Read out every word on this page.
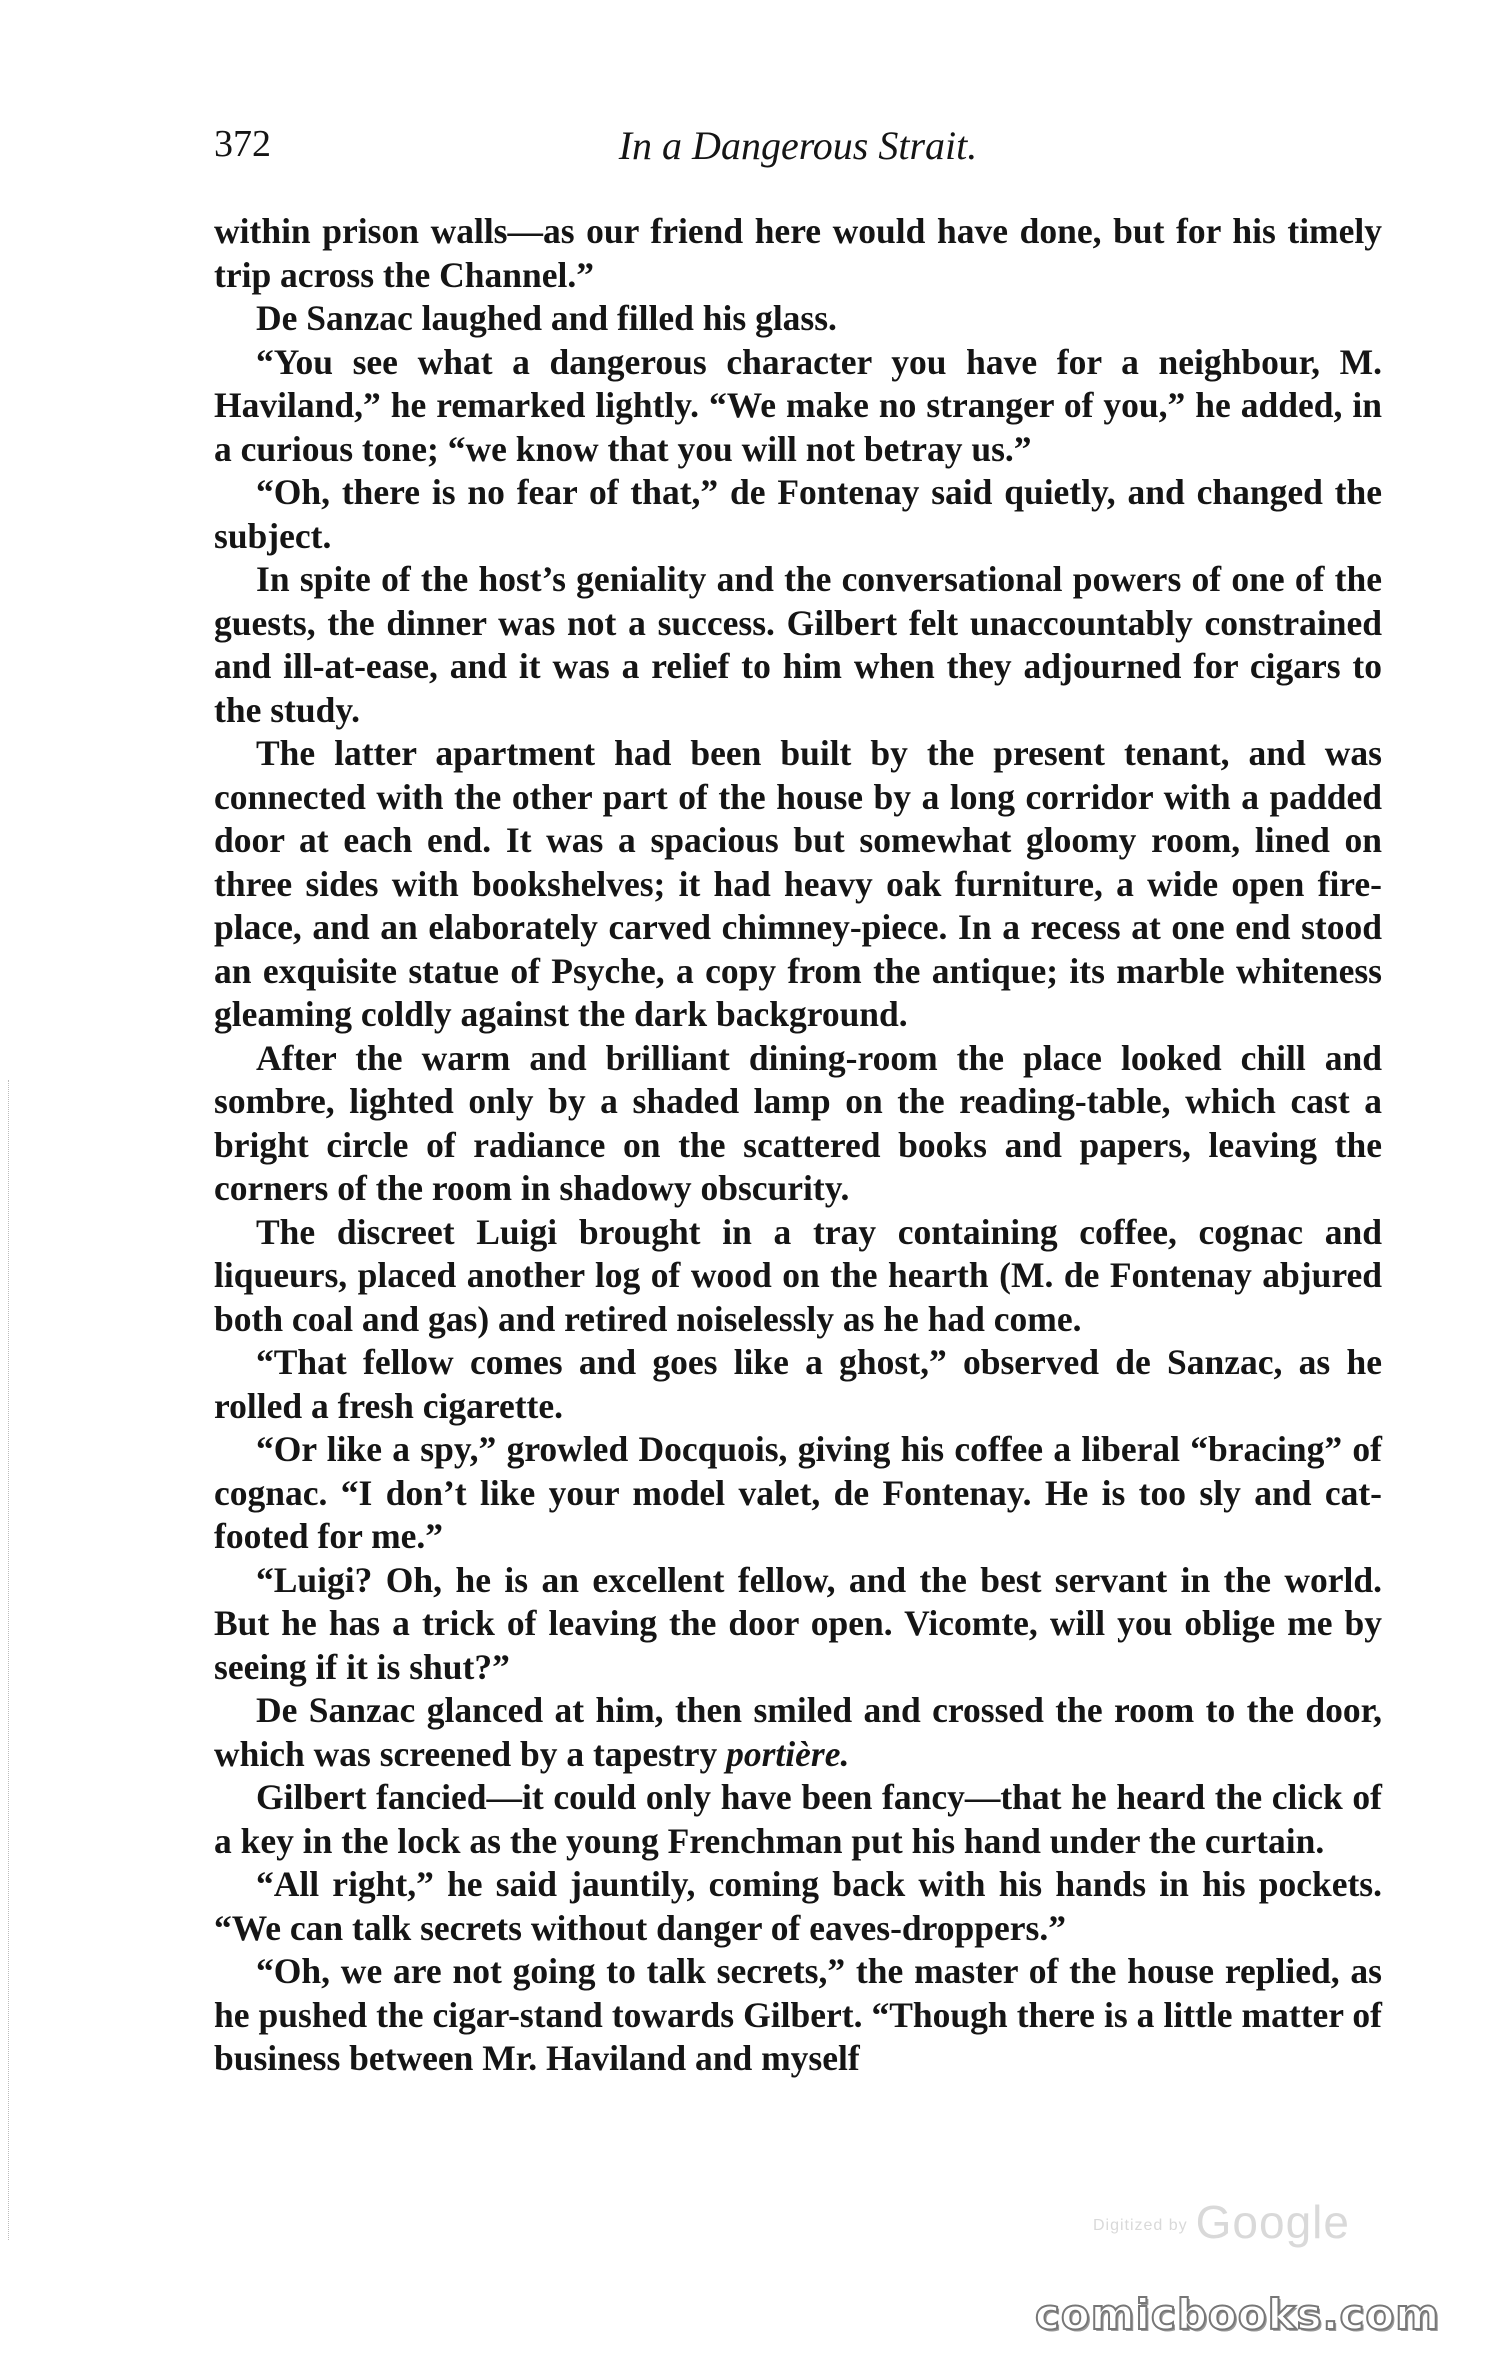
372	In a Dangerous Strait.

within prison walls—as our friend here would have done, but for his timely trip across the Channel.”

De Sanzac laughed and filled his glass.

“You see what a dangerous character you have for a neighbour, M. Haviland,” he remarked lightly. “We make no stranger of you,” he added, in a curious tone; “we know that you will not betray us.”

“Oh, there is no fear of that,” de Fontenay said quietly, and changed the subject.

In spite of the host’s geniality and the conversational powers of one of the guests, the dinner was not a success. Gilbert felt unaccountably constrained and ill-at-ease, and it was a relief to him when they adjourned for cigars to the study.

The latter apartment had been built by the present tenant, and was connected with the other part of the house by a long corridor with a padded door at each end. It was a spacious but somewhat gloomy room, lined on three sides with bookshelves; it had heavy oak furniture, a wide open fire-place, and an elaborately carved chimney-piece. In a recess at one end stood an exquisite statue of Psyche, a copy from the antique; its marble whiteness gleaming coldly against the dark background.

After the warm and brilliant dining-room the place looked chill and sombre, lighted only by a shaded lamp on the reading-table, which cast a bright circle of radiance on the scattered books and papers, leaving the corners of the room in shadowy obscurity.

The discreet Luigi brought in a tray containing coffee, cognac and liqueurs, placed another log of wood on the hearth (M. de Fontenay abjured both coal and gas) and retired noiselessly as he had come.

“That fellow comes and goes like a ghost,” observed de Sanzac, as he rolled a fresh cigarette.

“Or like a spy,” growled Docquois, giving his coffee a liberal “bracing” of cognac. “I don’t like your model valet, de Fontenay. He is too sly and cat-footed for me.”

“Luigi? Oh, he is an excellent fellow, and the best servant in the world. But he has a trick of leaving the door open. Vicomte, will you oblige me by seeing if it is shut?”

De Sanzac glanced at him, then smiled and crossed the room to the door, which was screened by a tapestry portière.

Gilbert fancied—it could only have been fancy—that he heard the click of a key in the lock as the young Frenchman put his hand under the curtain.

“All right,” he said jauntily, coming back with his hands in his pockets. “We can talk secrets without danger of eaves-droppers.”

“Oh, we are not going to talk secrets,” the master of the house replied, as he pushed the cigar-stand towards Gilbert. “Though there is a little matter of business between Mr. Haviland and myself

Digitized by Google
comicbooks.com
